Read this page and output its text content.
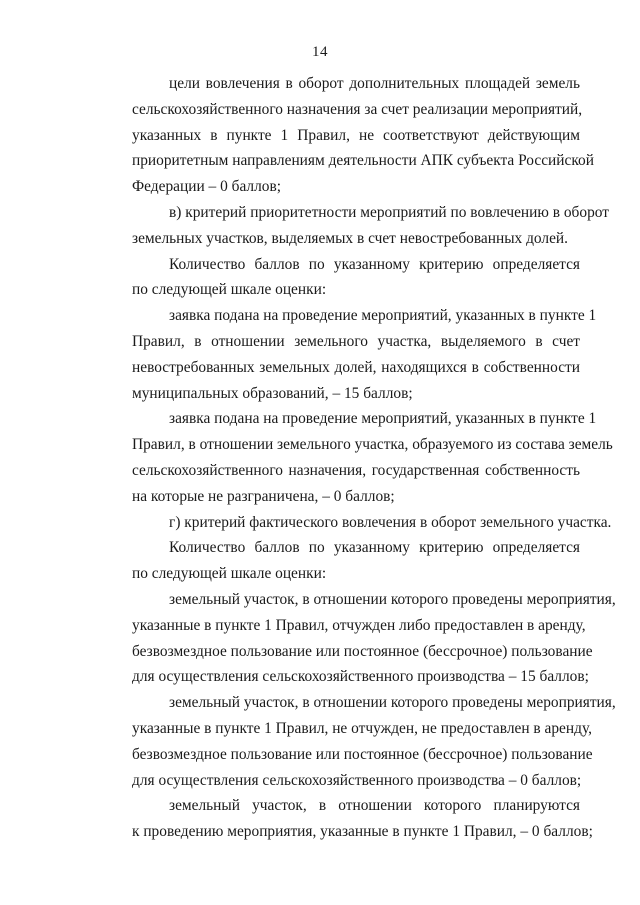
14
цели вовлечения в оборот дополнительных площадей земель
сельскохозяйственного назначения за счет реализации мероприятий,
указанных в пункте 1 Правил, не соответствуют действующим
приоритетным направлениям деятельности АПК субъекта Российской
Федерации – 0 баллов;
в) критерий приоритетности мероприятий по вовлечению в оборот
земельных участков, выделяемых в счет невостребованных долей.
Количество баллов по указанному критерию определяется
по следующей шкале оценки:
заявка подана на проведение мероприятий, указанных в пункте 1
Правил, в отношении земельного участка, выделяемого в счет
невостребованных земельных долей, находящихся в собственности
муниципальных образований, – 15 баллов;
заявка подана на проведение мероприятий, указанных в пункте 1
Правил, в отношении земельного участка, образуемого из состава земель
сельскохозяйственного назначения, государственная собственность
на которые не разграничена, – 0 баллов;
г) критерий фактического вовлечения в оборот земельного участка.
Количество баллов по указанному критерию определяется
по следующей шкале оценки:
земельный участок, в отношении которого проведены мероприятия,
указанные в пункте 1 Правил, отчужден либо предоставлен в аренду,
безвозмездное пользование или постоянное (бессрочное) пользование
для осуществления сельскохозяйственного производства – 15 баллов;
земельный участок, в отношении которого проведены мероприятия,
указанные в пункте 1 Правил, не отчужден, не предоставлен в аренду,
безвозмездное пользование или постоянное (бессрочное) пользование
для осуществления сельскохозяйственного производства – 0 баллов;
земельный участок, в отношении которого планируются
к проведению мероприятия, указанные в пункте 1 Правил, – 0 баллов;
